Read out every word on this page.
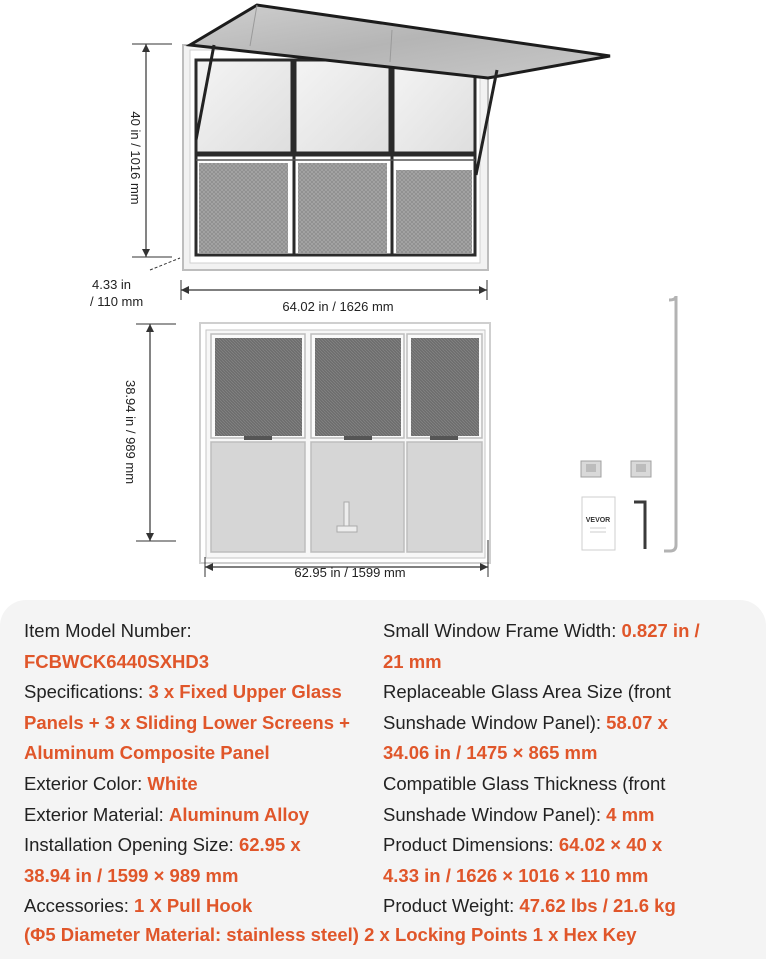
40 in / 1016 mm
4.33 in
/ 110 mm	64.02 in / 1626 mm
38.94 in / 989 mm
62.95 in / 1599 mm
VEVOR

Item Model Number:

FCBWCK6440SXHD3

Specifications: 3 x Fixed Upper Glass

Panels + 3 x Sliding Lower Screens +

Aluminum Composite Panel

Exterior Color: White

Exterior Material: Aluminum Alloy

Installation Opening Size: 62.95 x

38.94 in / 1599 × 989 mm

Accessories: 1 X Pull Hook

Small Window Frame Width: 0.827 in /

21 mm

Replaceable Glass Area Size (front

Sunshade Window Panel): 58.07 x

34.06 in / 1475 × 865 mm

Compatible Glass Thickness (front

Sunshade Window Panel): 4 mm

Product Dimensions: 64.02 × 40 x

4.33 in / 1626 × 1016 × 110 mm

Product Weight: 47.62 lbs / 21.6 kg

(Φ5 Diameter Material: stainless steel) 2 x Locking Points 1 x Hex Key
